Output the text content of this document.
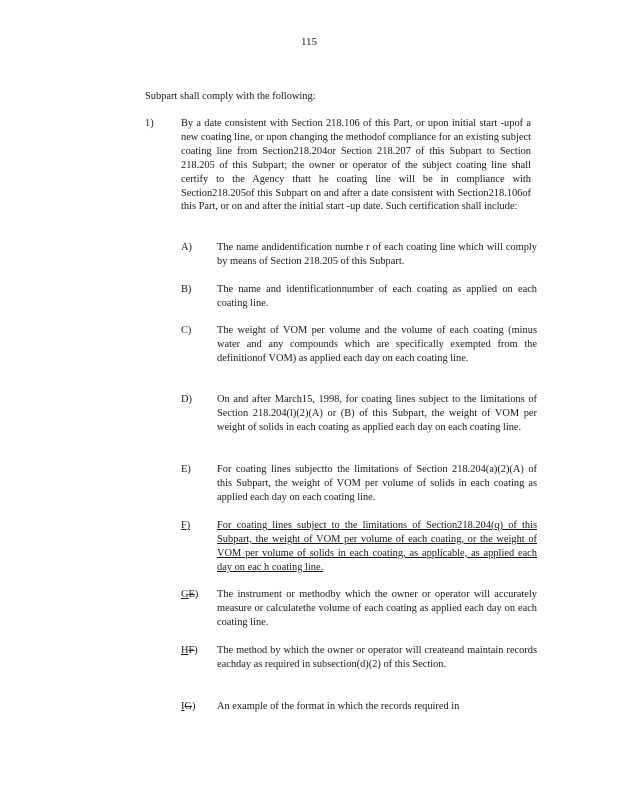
115
Subpart shall comply with the following:
1)	By a date consistent with Section 218.106 of this Part, or upon initial start -upof a new coating line, or upon changing the methodof compliance for an existing subject coating line from Section218.204or Section 218.207 of this Subpart to Section 218.205 of this Subpart; the owner or operator of the subject coating line shall certify to the Agency thatt he coating line will be in compliance with Section218.205of this Subpart on and after a date consistent with Section218.106of this Part, or on and after the initial start -up date. Such certification shall include:
A)	The name andidentification numbe r of each coating line which will comply by means of Section 218.205 of this Subpart.
B)	The name and identificationnumber of each coating as applied on each coating line.
C)	The weight of VOM per volume and the volume of each coating (minus water and any compounds which are specifically exempted from the definitionof VOM) as applied each day on each coating line.
D)	On and after March15, 1998, for coating lines subject to the limitations of Section 218.204(l)(2)(A) or (B) of this Subpart, the weight of VOM per weight of solids in each coating as applied each day on each coating line.
E)	For coating lines subjectto the limitations of Section 218.204(a)(2)(A) of this Subpart, the weight of VOM per volume of solids in each coating as applied each day on each coating line.
F)	For coating lines subject to the limitations of Section218.204(q) of this Subpart, the weight of VOM per volume of each coating, or the weight of VOM per volume of solids in each coating, as applicable, as applied each day on eac h coating line.
GE)	The instrument or methodby which the owner or operator will accurately measure or calculatethe volume of each coating as applied each day on each coating line.
HF)	The method by which the owner or operator will createand maintain records eachday as required in subsection(d)(2) of this Section.
IG)	An example of the format in which the records required in
